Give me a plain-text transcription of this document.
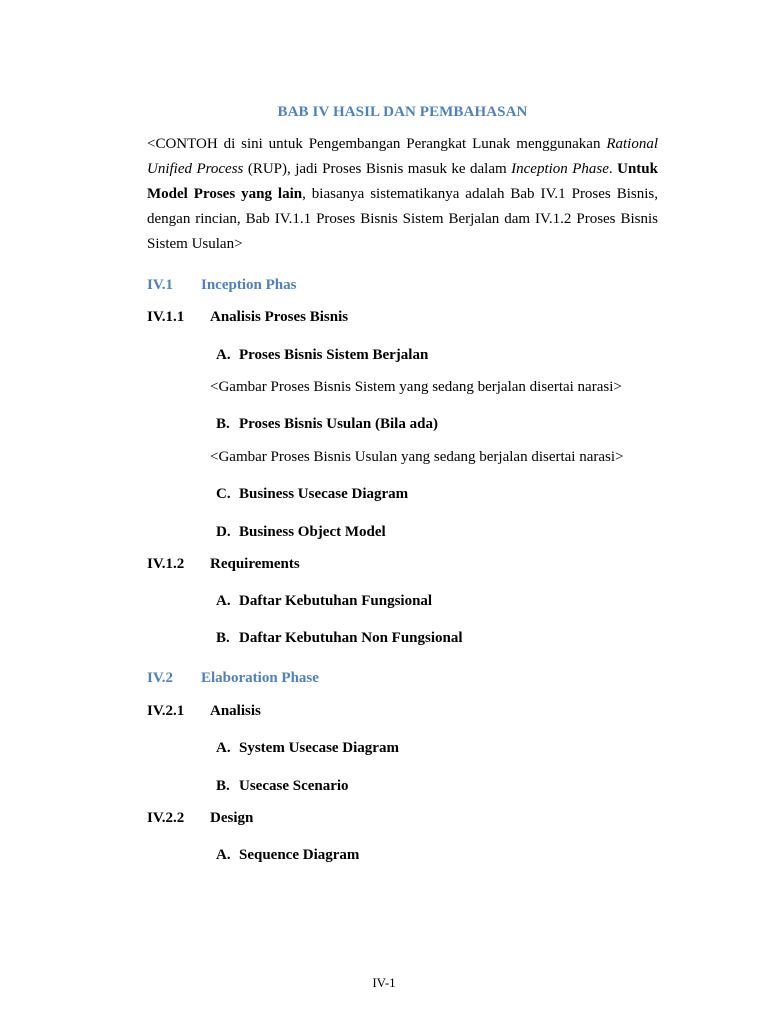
BAB IV HASIL DAN PEMBAHASAN
<CONTOH di sini untuk Pengembangan Perangkat Lunak menggunakan Rational Unified Process (RUP), jadi Proses Bisnis masuk ke dalam Inception Phase. Untuk Model Proses yang lain, biasanya sistematikanya adalah Bab IV.1 Proses Bisnis, dengan rincian, Bab IV.1.1 Proses Bisnis Sistem Berjalan dam IV.1.2 Proses Bisnis Sistem Usulan>
IV.1 Inception Phas
IV.1.1 Analisis Proses Bisnis
A. Proses Bisnis Sistem Berjalan
<Gambar Proses Bisnis Sistem yang sedang berjalan disertai narasi>
B. Proses Bisnis Usulan (Bila ada)
<Gambar Proses Bisnis Usulan yang sedang berjalan disertai narasi>
C. Business Usecase Diagram
D. Business Object Model
IV.1.2 Requirements
A. Daftar Kebutuhan Fungsional
B. Daftar Kebutuhan Non Fungsional
IV.2 Elaboration Phase
IV.2.1 Analisis
A. System Usecase Diagram
B. Usecase Scenario
IV.2.2 Design
A. Sequence Diagram
IV-1
